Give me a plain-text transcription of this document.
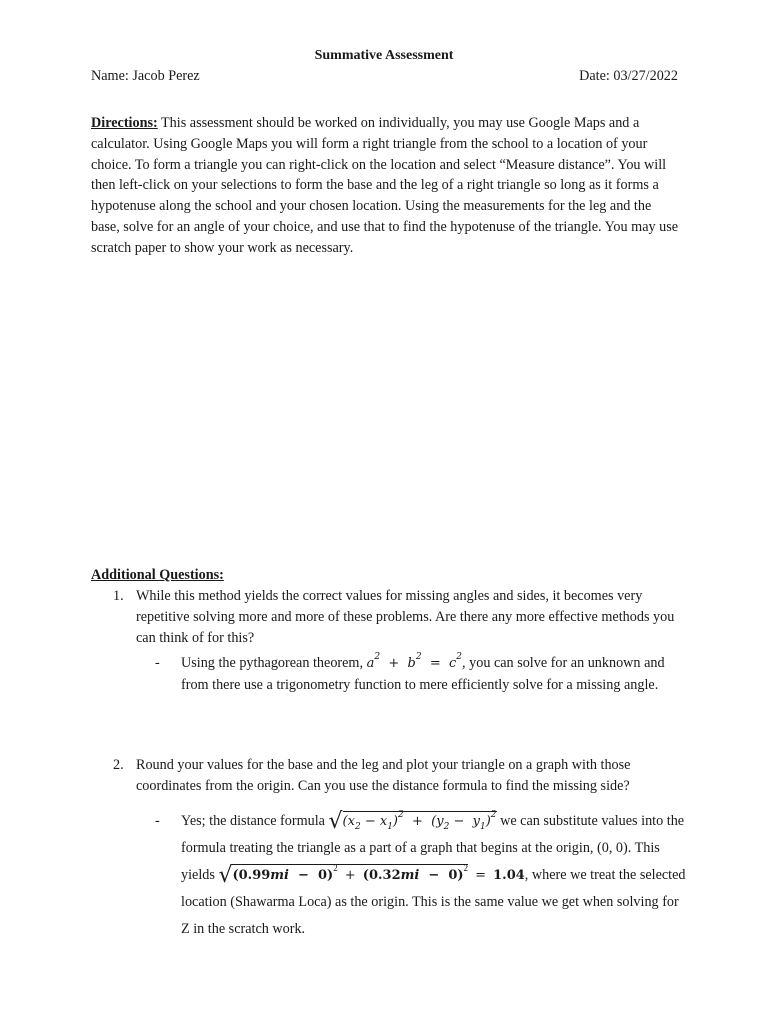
Summative Assessment
Name: Jacob Perez	Date: 03/27/2022
Directions: This assessment should be worked on individually, you may use Google Maps and a calculator. Using Google Maps you will form a right triangle from the school to a location of your choice. To form a triangle you can right-click on the location and select “Measure distance”. You will then left-click on your selections to form the base and the leg of a right triangle so long as it forms a hypotenuse along the school and your chosen location. Using the measurements for the leg and the base, solve for an angle of your choice, and use that to find the hypotenuse of the triangle. You may use scratch paper to show your work as necessary.
Additional Questions:
1. While this method yields the correct values for missing angles and sides, it becomes very repetitive solving more and more of these problems. Are there any more effective methods you can think of for this?
- Using the pythagorean theorem, $a^2 + b^2 = c^2$, you can solve for an unknown and from there use a trigonometry function to mere efficiently solve for a missing angle.
2. Round your values for the base and the leg and plot your triangle on a graph with those coordinates from the origin. Can you use the distance formula to find the missing side?
- Yes; the distance formula $√(x_2 - x_1)^2 + (y_2 - y_1)^2$ we can substitute values into the formula treating the triangle as a part of a graph that begins at the origin, (0, 0). This yields $√(0.99mi - 0)^2 + (0.32mi - 0)^2 = 1.04$, where we treat the selected location (Shawarma Loca) as the origin. This is the same value we get when solving for Z in the scratch work.
